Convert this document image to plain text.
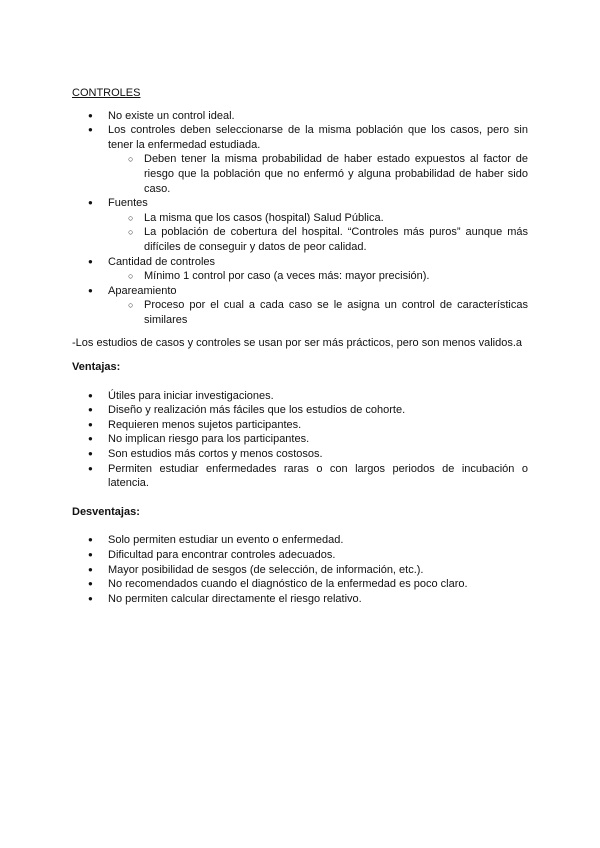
CONTROLES

● No existe un control ideal.
● Los controles deben seleccionarse de la misma población que los casos, pero sin tener la enfermedad estudiada.
○ Deben tener la misma probabilidad de haber estado expuestos al factor de riesgo que la población que no enfermó y alguna probabilidad de haber sido caso.
● Fuentes
○ La misma que los casos (hospital) Salud Pública.
○ La población de cobertura del hospital. “Controles más puros” aunque más difíciles de conseguir y datos de peor calidad.
● Cantidad de controles
○ Mínimo 1 control por caso (a veces más: mayor precisión).
● Apareamiento
○ Proceso por el cual a cada caso se le asigna un control de características similares

-Los estudios de casos y controles se usan por ser más prácticos, pero son menos validos.a

Ventajas:

● Útiles para iniciar investigaciones.
● Diseño y realización más fáciles que los estudios de cohorte.
● Requieren menos sujetos participantes.
● No implican riesgo para los participantes.
● Son estudios más cortos y menos costosos.
● Permiten estudiar enfermedades raras o con largos periodos de incubación o latencia.

Desventajas:

● Solo permiten estudiar un evento o enfermedad.
● Dificultad para encontrar controles adecuados.
● Mayor posibilidad de sesgos (de selección, de información, etc.).
● No recomendados cuando el diagnóstico de la enfermedad es poco claro.
● No permiten calcular directamente el riesgo relativo.
